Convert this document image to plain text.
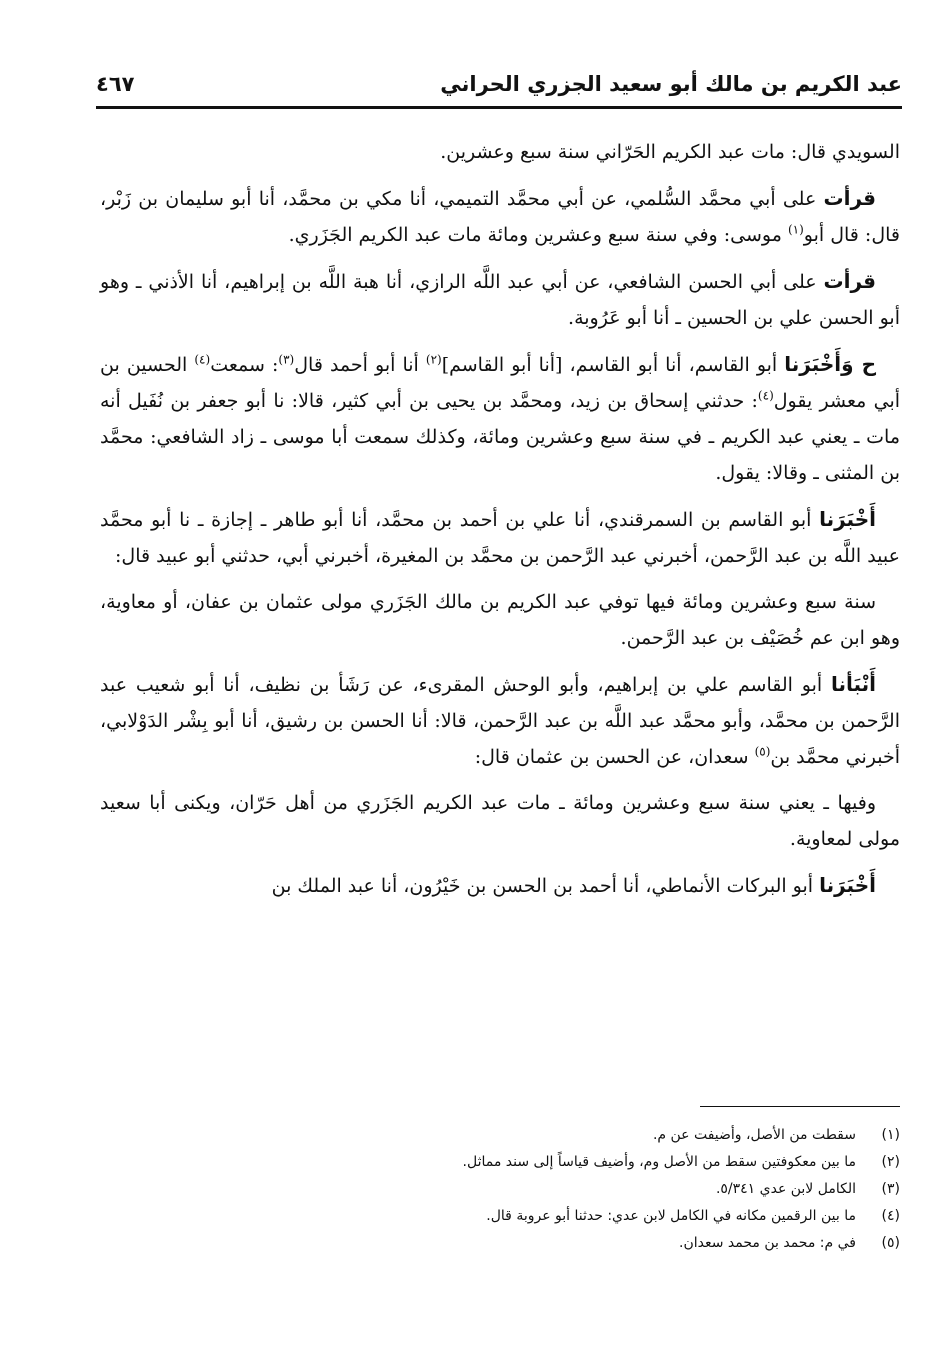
عبد الكريم بن مالك أبو سعيد الجزري الحراني
٤٦٧

السويدي قال: مات عبد الكريم الحَرّاني سنة سبع وعشرين.

قرأت على أبي محمَّد السُّلمي، عن أبي محمَّد التميمي، أنا مكي بن محمَّد، أنا أبو سليمان بن زَبْر، قال: قال أبو$^{(١)}$ موسى: وفي سنة سبع وعشرين ومائة مات عبد الكريم الجَزَري.

قرأت على أبي الحسن الشافعي، عن أبي عبد اللَّه الرازي، أنا هبة اللَّه بن إبراهيم، أنا الأذني ـ وهو أبو الحسن علي بن الحسين ـ أنا أبو عَرُوبة.

ح وَأَخْبَرَنا أبو القاسم، أنا أبو القاسم، [أنا أبو القاسم]$^{(٢)}$ أنا أبو أحمد قال$^{(٣)}$: سمعت$^{(٤)}$ الحسين بن أبي معشر يقول$^{(٤)}$: حدثني إسحاق بن زيد، ومحمَّد بن يحيى بن أبي كثير، قالا: نا أبو جعفر بن نُفَيل أنه مات ـ يعني عبد الكريم ـ في سنة سبع وعشرين ومائة، وكذلك سمعت أبا موسى ـ زاد الشافعي: محمَّد بن المثنى ـ وقالا: يقول.

أَخْبَرَنا أبو القاسم بن السمرقندي، أنا علي بن أحمد بن محمَّد، أنا أبو طاهر ـ إجازة ـ نا أبو محمَّد عبيد اللَّه بن عبد الرَّحمن، أخبرني عبد الرَّحمن بن محمَّد بن المغيرة، أخبرني أبي، حدثني أبو عبيد قال:

سنة سبع وعشرين ومائة فيها توفي عبد الكريم بن مالك الجَزَري مولى عثمان بن عفان، أو معاوية، وهو ابن عم خُصَيْف بن عبد الرَّحمن.

أَنْبَأنا أبو القاسم علي بن إبراهيم، وأبو الوحش المقرىء، عن رَشَأ بن نظيف، أنا أبو شعيب عبد الرَّحمن بن محمَّد، وأبو محمَّد عبد اللَّه بن عبد الرَّحمن، قالا: أنا الحسن بن رشيق، أنا أبو بِشْر الدَوْلابي، أخبرني محمَّد بن$^{(٥)}$ سعدان، عن الحسن بن عثمان قال:

وفيها ـ يعني سنة سبع وعشرين ومائة ـ مات عبد الكريم الجَزَري من أهل حَرّان، ويكنى أبا سعيد مولى لمعاوية.

أَخْبَرَنا أبو البركات الأنماطي، أنا أحمد بن الحسن بن خَيْرُون، أنا عبد الملك بن

(١)
سقطت من الأصل، وأضيفت عن م.
(٢)
ما بين معكوفتين سقط من الأصل وم، وأضيف قياساً إلى سند مماثل.
(٣)
الكامل لابن عدي ٥/٣٤١.
(٤)
ما بين الرقمين مكانه في الكامل لابن عدي: حدثنا أبو عروبة قال.
(٥)
في م: محمد بن محمد سعدان.
